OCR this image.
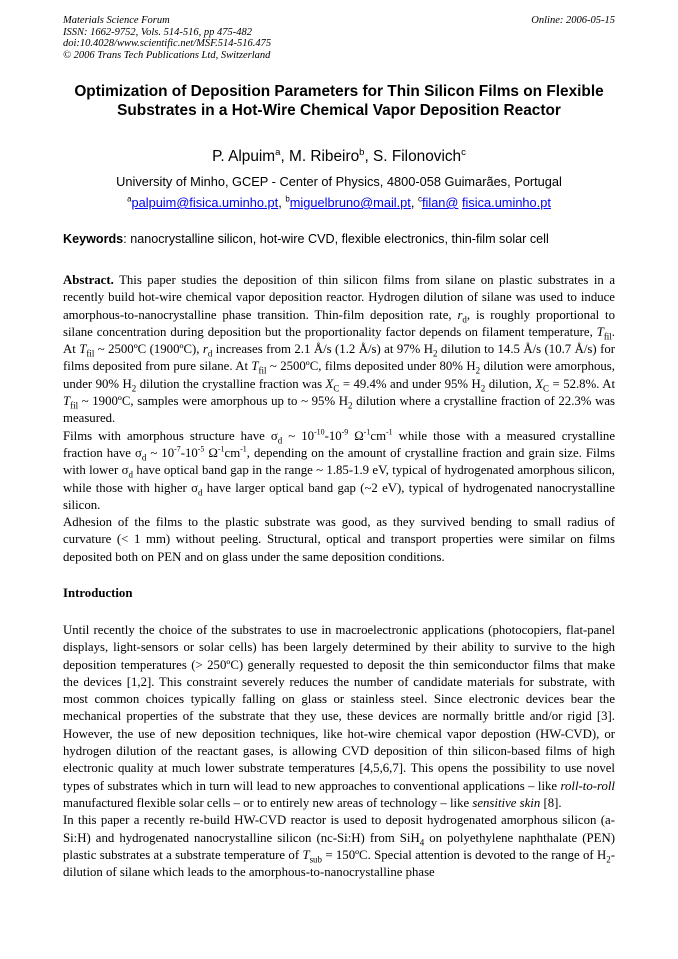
Materials Science Forum
ISSN: 1662-9752, Vols. 514-516, pp 475-482
doi:10.4028/www.scientific.net/MSF.514-516.475
© 2006 Trans Tech Publications Ltd, Switzerland
Online: 2006-05-15
Optimization of Deposition Parameters for Thin Silicon Films on Flexible
Substrates in a Hot-Wire Chemical Vapor Deposition Reactor
P. Alpuim$^a$, M. Ribeiro$^b$, S. Filonovich$^c$
University of Minho, GCEP - Center of Physics, 4800-058 Guimarães, Portugal
$^a$palpuim@fisica.uminho.pt, $^b$miguelbruno@mail.pt, $^c$filan@ fisica.uminho.pt
Keywords: nanocrystalline silicon, hot-wire CVD, flexible electronics, thin-film solar cell

Abstract. This paper studies the deposition of thin silicon films from silane on plastic substrates in a recently build hot-wire chemical vapor deposition reactor. Hydrogen dilution of silane was used to induce amorphous-to-nanocrystalline phase transition. Thin-film deposition rate, $r_d$, is roughly proportional to silane concentration during deposition but the proportionality factor depends on filament temperature, $T_{fil}$. At $T_{fil}$ ~ 2500ºC (1900ºC), $r_d$ increases from 2.1 Å/s (1.2 Å/s) at 97% $H_2$ dilution to 14.5 Å/s (10.7 Å/s) for films deposited from pure silane. At $T_{fil}$ ~ 2500ºC, films deposited under 80% $H_2$ dilution were amorphous, under 90% $H_2$ dilution the crystalline fraction was $X_C = 49.4\%$ and under 95% $H_2$ dilution, $X_C = 52.8\%$. At $T_{fil}$ ~ 1900ºC, samples were amorphous up to ~ 95% $H_2$ dilution where a crystalline fraction of 22.3% was measured.

Films with amorphous structure have $\sigma_d$ ~ $10^{-10}-10^{-9}$ $\Omega^{-1}cm^{-1}$ while those with a measured crystalline fraction have $\sigma_d$ ~ $10^{-7}-10^{-5}$ $\Omega^{-1}cm^{-1}$, depending on the amount of crystalline fraction and grain size. Films with lower $\sigma_d$ have optical band gap in the range ~ 1.85-1.9 eV, typical of hydrogenated amorphous silicon, while those with higher $\sigma_d$ have larger optical band gap (~2 eV), typical of hydrogenated nanocrystalline silicon.

Adhesion of the films to the plastic substrate was good, as they survived bending to small radius of curvature (< 1 mm) without peeling. Structural, optical and transport properties were similar on films deposited both on PEN and on glass under the same deposition conditions.

Introduction

Until recently the choice of the substrates to use in macroelectronic applications (photocopiers, flat-panel displays, light-sensors or solar cells) has been largely determined by their ability to survive to the high deposition temperatures (> 250ºC) generally requested to deposit the thin semiconductor films that make the devices [1,2]. This constraint severely reduces the number of candidate materials for substrate, with most common choices typically falling on glass or stainless steel. Since electronic devices bear the mechanical properties of the substrate that they use, these devices are normally brittle and/or rigid [3]. However, the use of new deposition techniques, like hot-wire chemical vapor depostion (HW-CVD), or hydrogen dilution of the reactant gases, is allowing CVD deposition of thin silicon-based films of high electronic quality at much lower substrate temperatures [4,5,6,7]. This opens the possibility to use novel types of substrates which in turn will lead to new approaches to conventional applications – like roll-to-roll manufactured flexible solar cells – or to entirely new areas of technology – like sensitive skin [8].

In this paper a recently re-build HW-CVD reactor is used to deposit hydrogenated amorphous silicon (a-Si:H) and hydrogenated nanocrystalline silicon (nc-Si:H) from SiH$_4$ on polyethylene naphthalate (PEN) plastic substrates at a substrate temperature of $T_{sub}$ = 150ºC. Special attention is devoted to the range of $H_2$-dilution of silane which leads to the amorphous-to-nanocrystalline phase
